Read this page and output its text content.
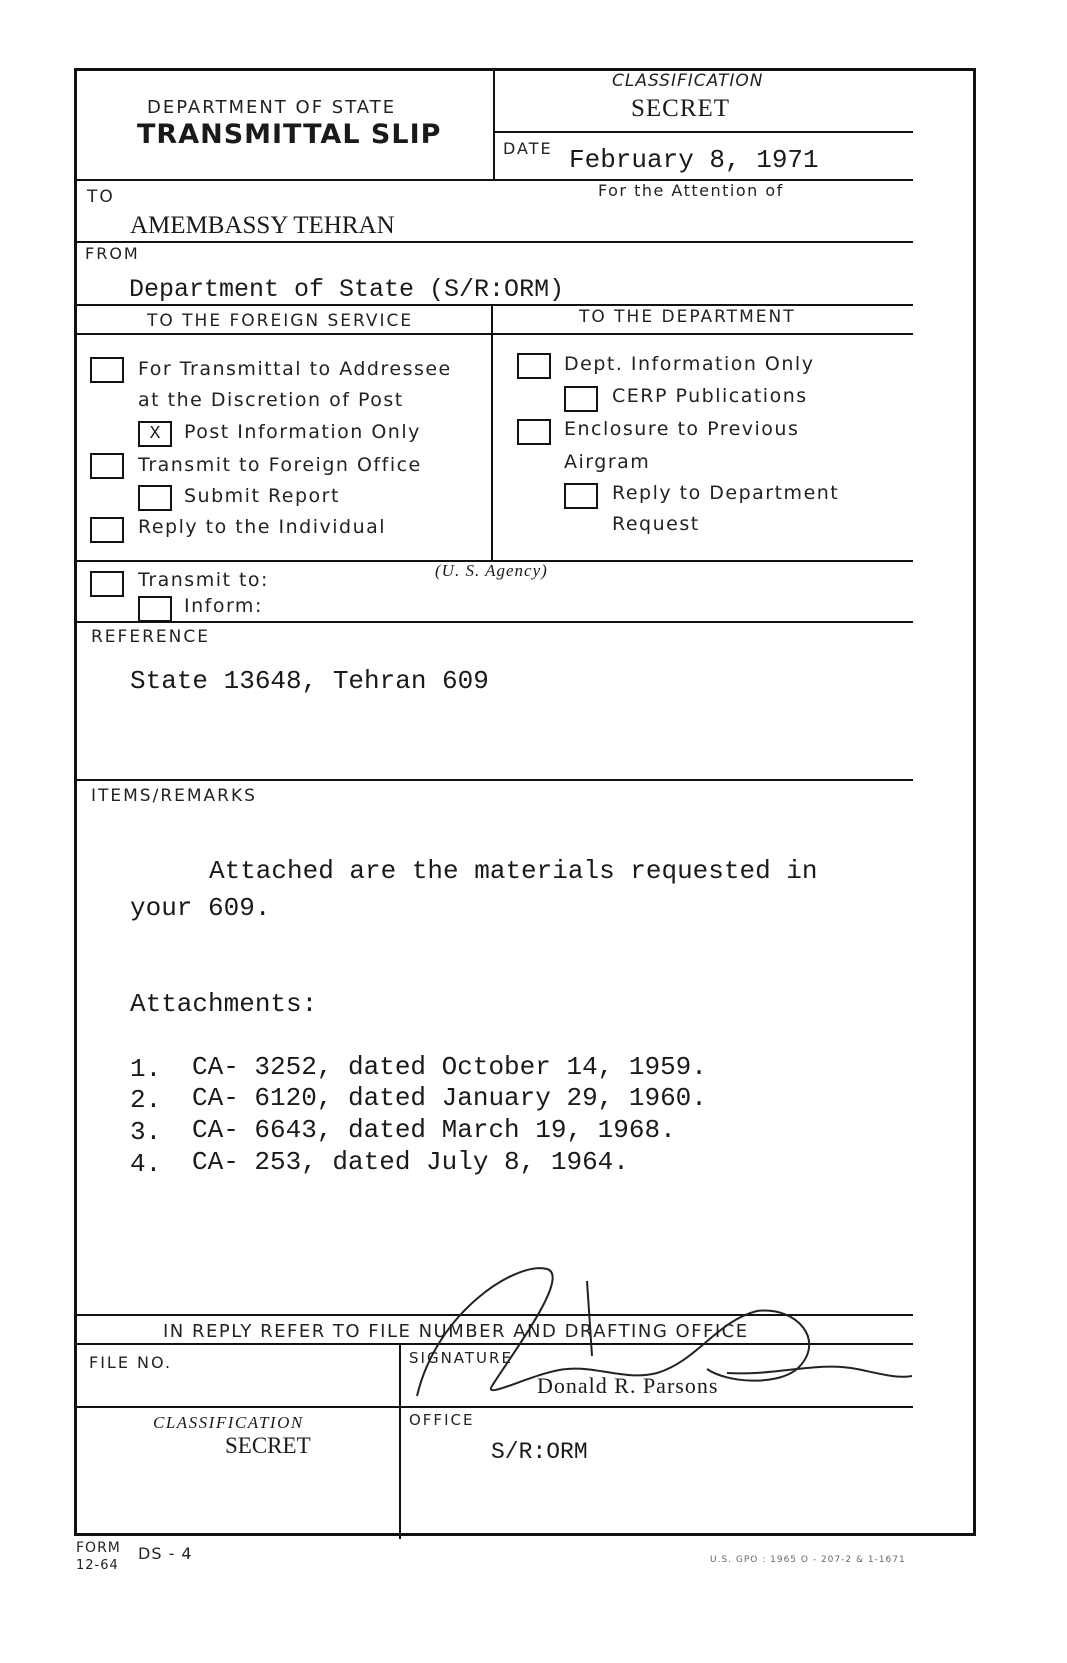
DEPARTMENT OF STATE
TRANSMITTAL SLIP
CLASSIFICATION
SECRET
DATE February 8, 1971
TO	For the Attention of
AMEMBASSY TEHRAN
FROM
Department of State (S/R:ORM)
TO THE FOREIGN SERVICE	TO THE DEPARTMENT
For Transmittal to Addressee
at the Discretion of Post
X	Post Information Only
Transmit to Foreign Office
Submit Report
Reply to the Individual
Dept. Information Only
CERP Publications
Enclosure to Previous
Airgram
Reply to Department
Request
Transmit to:
Inform:
(U. S. Agency)
REFERENCE
State 13648, Tehran 609
ITEMS/REMARKS
Attached are the materials requested in
your 609.
Attachments:
1. CA- 3252, dated October 14, 1959.
2. CA- 6120, dated January 29, 1960.
3. CA- 6643, dated March 19, 1968.
4. CA- 253, dated July 8, 1964.
IN REPLY REFER TO FILE NUMBER AND DRAFTING OFFICE
FILE NO.	SIGNATURE
Donald R. Parsons
CLASSIFICATION
SECRET
OFFICE
S/R:ORM
FORM
12-64
DS - 4	U.S. GPO : 1965 O - 207-2 & 1-1671
